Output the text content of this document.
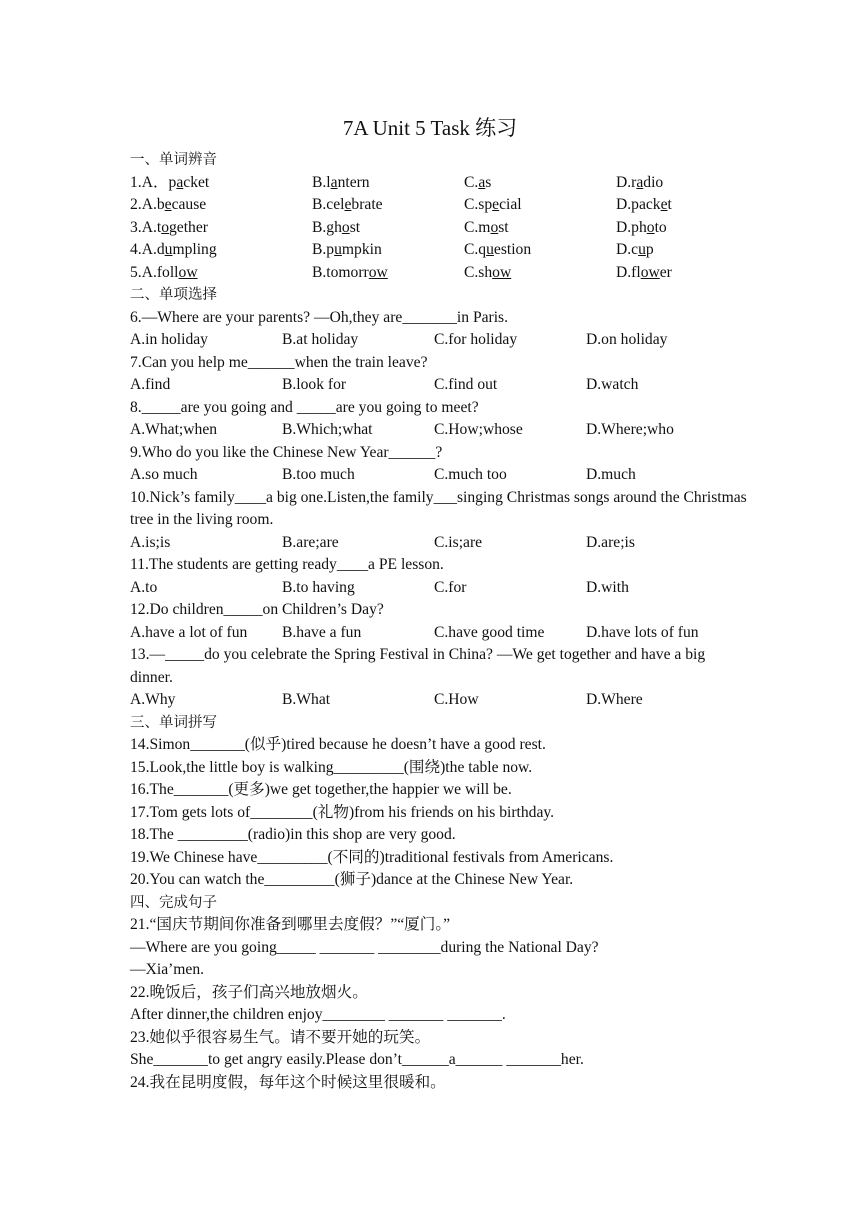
7A Unit 5 Task 练习
一、单词辨音
1.A．packet	B.lantern	C.as	D.radio
2.A.because	B.celebrate	C.special	D.packet
3.A.together	B.ghost	C.most	D.photo
4.A.dumpling	B.pumpkin	C.question	D.cup
5.A.follow	B.tomorrow	C.show	D.flower
二、单项选择
6.—Where are your parents? —Oh,they are_______in Paris.
A.in holiday	B.at holiday	C.for holiday	D.on holiday
7.Can you help me______when the train leave?
A.find	B.look for	C.find out	D.watch
8._____are you going and _____are you going to meet?
A.What;when	B.Which;what	C.How;whose	D.Where;who
9.Who do you like the Chinese New Year______?
A.so much	B.too much	C.much too	D.much
10.Nick’s family____a big one.Listen,the family___singing Christmas songs around the Christmas tree in the living room.
A.is;is	B.are;are	C.is;are	D.are;is
11.The students are getting ready____a PE lesson.
A.to	B.to having	C.for	D.with
12.Do children_____on Children’s Day?
A.have a lot of fun	B.have a fun	C.have good time	D.have lots of fun
13.—_____do you celebrate the Spring Festival in China? —We get together and have a big dinner.
A.Why	B.What	C.How	D.Where
三、单词拼写
14.Simon_______(似乎)tired because he doesn’t have a good rest.
15.Look,the little boy is walking_________(围绕)the table now.
16.The_______(更多)we get together,the happier we will be.
17.Tom gets lots of________(礼物)from his friends on his birthday.
18.The _________(radio)in this shop are very good.
19.We Chinese have_________(不同的)traditional festivals from Americans.
20.You can watch the_________(狮子)dance at the Chinese New Year.
四、完成句子
21.“国庆节期间你准备到哪里去度假？”“厦门。”
—Where are you going_____ _______ ________during the National Day?
—Xia’men.
22.晚饭后，孩子们高兴地放烟火。
After dinner,the children enjoy________ _______ _______.
23.她似乎很容易生气。请不要开她的玩笑。
She_______to get angry easily.Please don’t______a______ _______her.
24.我在昆明度假，每年这个时候这里很暖和。
